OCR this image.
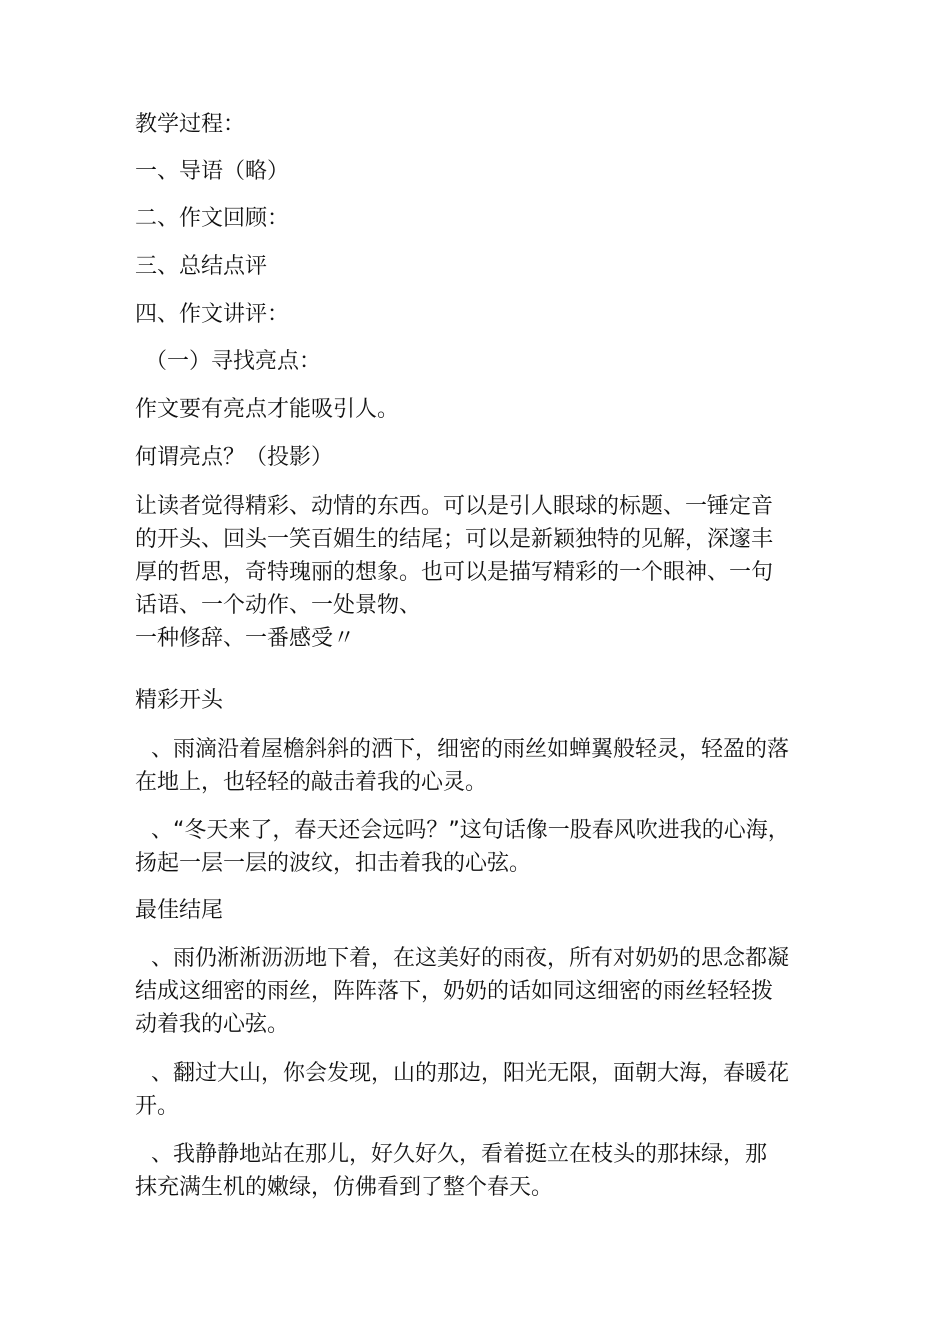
教学过程：
一、导语（略）
二、作文回顾：
三、总结点评
四、作文讲评：
（一）寻找亮点：
作文要有亮点才能吸引人。
何谓亮点？（投影）
让读者觉得精彩、动情的东西。可以是引人眼球的标题、一锤定音
的开头、回头一笑百媚生的结尾；可以是新颖独特的见解，深邃丰
厚的哲思，奇特瑰丽的想象。也可以是描写精彩的一个眼神、一句
话语、一个动作、一处景物、
一种修辞、一番感受〃
精彩开头
、雨滴沿着屋檐斜斜的洒下，细密的雨丝如蝉翼般轻灵，轻盈的落
在地上，也轻轻的敲击着我的心灵。
、“冬天来了，春天还会远吗？”这句话像一股春风吹进我的心海，
扬起一层一层的波纹，扣击着我的心弦。
最佳结尾
、雨仍淅淅沥沥地下着，在这美好的雨夜，所有对奶奶的思念都凝
结成这细密的雨丝，阵阵落下，奶奶的话如同这细密的雨丝轻轻拨
动着我的心弦。
、翻过大山，你会发现，山的那边，阳光无限，面朝大海，春暖花
开。
、我静静地站在那儿，好久好久，看着挺立在枝头的那抹绿，那
抹充满生机的嫩绿，仿佛看到了整个春天。
